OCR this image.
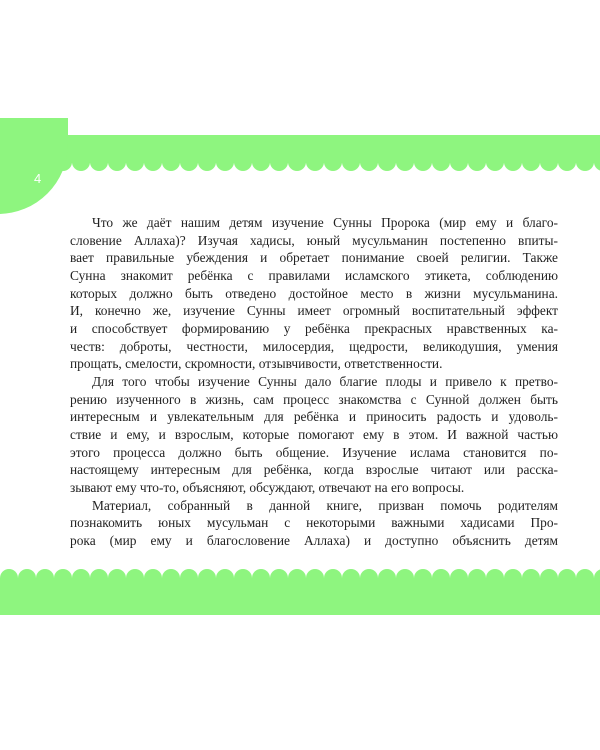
4
Что же даёт нашим детям изучение Сунны Пророка (мир ему и благо-
словение Аллаха)? Изучая хадисы, юный мусульманин постепенно впиты-
вает правильные убеждения и обретает понимание своей религии. Также
Сунна знакомит ребёнка с правилами исламского этикета, соблюдению
которых должно быть отведено достойное место в жизни мусульманина.
И, конечно же, изучение Сунны имеет огромный воспитательный эффект
и способствует формированию у ребёнка прекрасных нравственных ка-
честв: доброты, честности, милосердия, щедрости, великодушия, умения
прощать, смелости, скромности, отзывчивости, ответственности.
Для того чтобы изучение Сунны дало благие плоды и привело к претво-
рению изученного в жизнь, сам процесс знакомства с Сунной должен быть
интересным и увлекательным для ребёнка и приносить радость и удоволь-
ствие и ему, и взрослым, которые помогают ему в этом. И важной частью
этого процесса должно быть общение. Изучение ислама становится по-
настоящему интересным для ребёнка, когда взрослые читают или расска-
зывают ему что-то, объясняют, обсуждают, отвечают на его вопросы.
Материал, собранный в данной книге, призван помочь родителям
познакомить юных мусульман с некоторыми важными хадисами Про-
рока (мир ему и благословение Аллаха) и доступно объяснить детям
